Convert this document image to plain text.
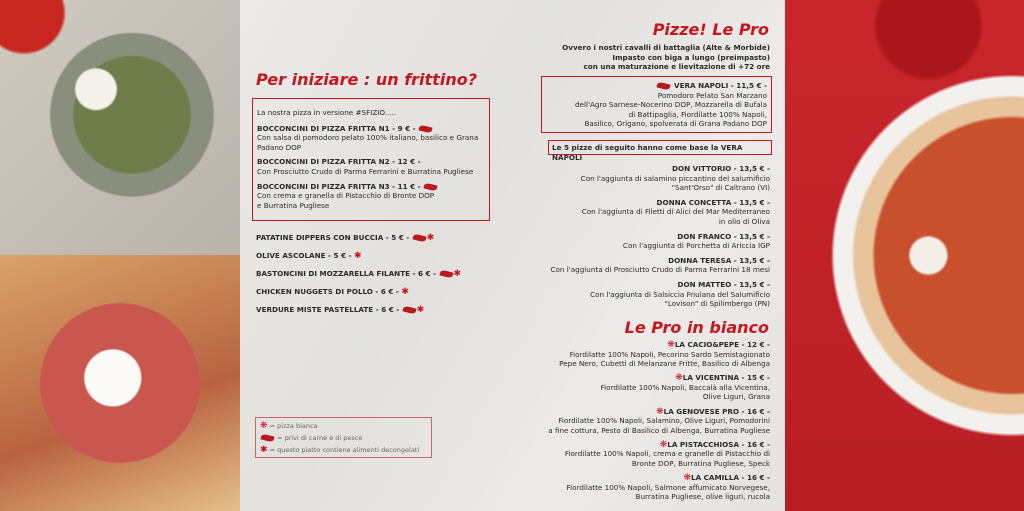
Per iniziare : un frittino?
La nostra pizza in versione #SFIZIO.....
BOCCONCINI DI PIZZA FRITTA N1 - 9 € -
Con salsa di pomodoro pelato 100% italiano, basilico e Grana Padano DOP
BOCCONCINI DI PIZZA FRITTA N2 - 12 € -
Con Prosciutto Crudo di Parma Ferrarini e Burratina Pugliese
BOCCONCINI DI PIZZA FRITTA N3 - 11 € -
Con crema e granella di Pistacchio di Bronte DOP e Burratina Pugliese
PATATINE DIPPERS CON BUCCIA - 5 € - ✱
OLIVE ASCOLANE - 5 € - ✱
BASTONCINI DI MOZZARELLA FILANTE - 6 € - ✱
CHICKEN NUGGETS DI POLLO - 6 € - ✱
VERDURE MISTE PASTELLATE - 6 € - ✱
❋ = pizza bianca
= privi di carne e di pesce
✱ = questo piatto contiene alimenti decongelati
Pizze! Le Pro
Ovvero i nostri cavalli di battaglia (Alte & Morbide)
Impasto con biga a lungo (preimpasto)
con una maturazione e lievitazione di +72 ore
VERA NAPOLI - 11,5 € -
Pomodoro Pelato San Marzano
dell'Agro Sarnese-Nocerino DOP, Mozzarella di Bufala
di Battipaglia, Fiordilatte 100% Napoli,
Basilico, Origano, spolverata di Grana Padano DOP
Le 5 pizze di seguito hanno come base la VERA NAPOLI
DON VITTORIO - 13,5 € -
Con l'aggiunta di salamino piccantino del salumificio
"Sant'Orso" di Caltrano (VI)
DONNA CONCETTA - 13,5 € -
Con l'aggiunta di Filetti di Alici del Mar Mediterraneo
in olio di Oliva
DON FRANCO - 13,5 € -
Con l'aggiunta di Porchetta di Ariccia IGP
DONNA TERESA - 13,5 € -
Con l'aggiunta di Prosciutto Crudo di Parma Ferrarini 18 mesi
DON MATTEO - 13,5 € -
Con l'aggiunta di Salsiccia Friulana del Salumificio
"Lovison" di Spilimbergo (PN)
Le Pro in bianco
❋LA CACIO&PEPE - 12 € -
Fiordilatte 100% Napoli, Pecorino Sardo Semistagionato
Pepe Nero, Cubetti di Melanzane Fritte, Basilico di Albenga
❋LA VICENTINA - 15 € -
Fiordilatte 100% Napoli, Baccalà alla Vicentina,
Olive Liguri, Grana
❋LA GENOVESE PRO - 16 € -
Fiordilatte 100% Napoli, Salamino, Olive Liguri, Pomodorini
a fine cottura, Pesto di Basilico di Albenga, Burratina Pugliese
❋LA PISTACCHIOSA - 16 € -
Fiordilatte 100% Napoli, crema e granelle di Pistacchio di
Bronte DOP, Burratina Pugliese, Speck
❋LA CAMILLA - 16 € -
Fiordilatte 100% Napoli, Salmone affumicato Norvegese,
Burratina Pugliese, olive liguri, rucola
